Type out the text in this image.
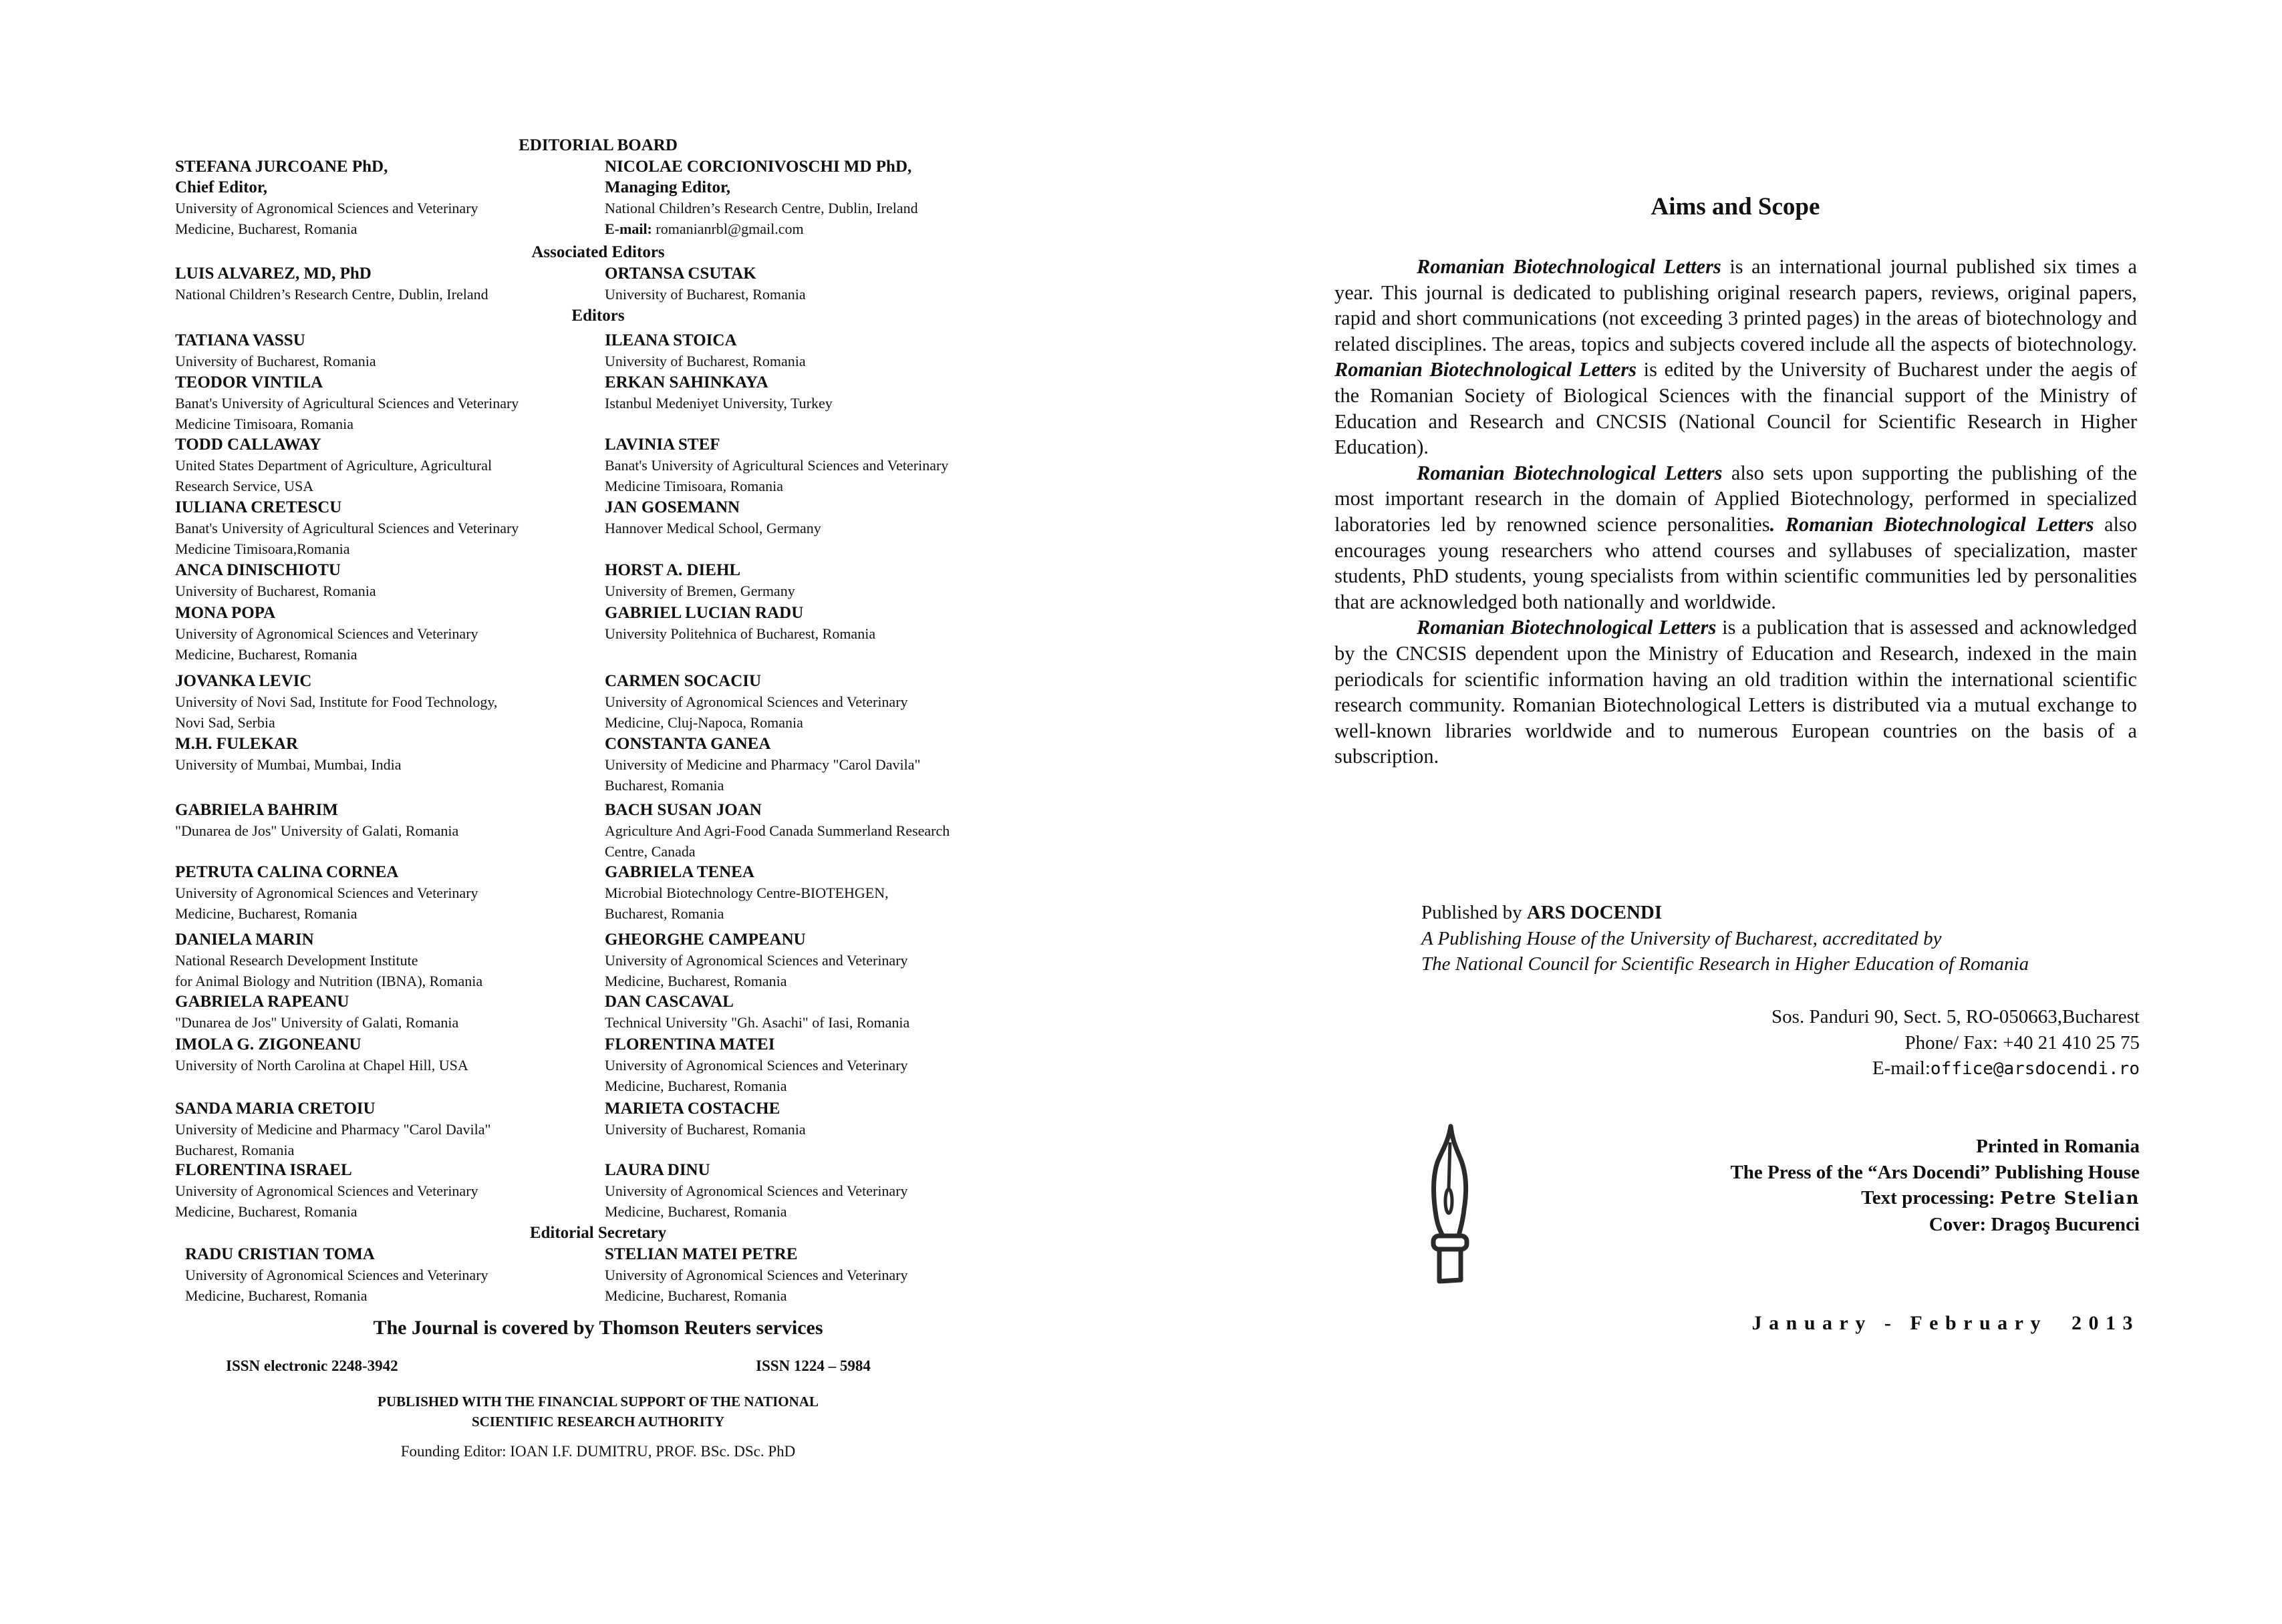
EDITORIAL BOARD
STEFANA JURCOANE PhD,
Chief Editor,
University of Agronomical Sciences and Veterinary
Medicine, Bucharest, Romania
NICOLAE CORCIONIVOSCHI MD PhD,
Managing Editor,
National Children’s Research Centre, Dublin, Ireland
E-mail: romanianrbl@gmail.com
Associated Editors
LUIS ALVAREZ, MD, PhD
National Children’s Research Centre, Dublin, Ireland
ORTANSA CSUTAK
University of Bucharest, Romania
Editors
TATIANA VASSU
University of Bucharest, Romania
ILEANA STOICA
University of Bucharest, Romania
TEODOR VINTILA
Banat's University of Agricultural Sciences and Veterinary
Medicine Timisoara, Romania
ERKAN SAHINKAYA
Istanbul Medeniyet University, Turkey
TODD CALLAWAY
United States Department of Agriculture, Agricultural
Research Service, USA
LAVINIA STEF
Banat's University of Agricultural Sciences and Veterinary
Medicine Timisoara, Romania
IULIANA CRETESCU
Banat's University of Agricultural Sciences and Veterinary
Medicine Timisoara,Romania
JAN GOSEMANN
Hannover Medical School, Germany
ANCA DINISCHIOTU
University of Bucharest, Romania
HORST A. DIEHL
University of Bremen, Germany
MONA POPA
University of Agronomical Sciences and Veterinary
Medicine, Bucharest, Romania
GABRIEL LUCIAN RADU
University Politehnica of Bucharest, Romania
JOVANKA LEVIC
University of Novi Sad, Institute for Food Technology,
Novi Sad, Serbia
CARMEN SOCACIU
University of Agronomical Sciences and Veterinary
Medicine, Cluj-Napoca, Romania
M.H. FULEKAR
University of Mumbai, Mumbai, India
CONSTANTA GANEA
University of Medicine and Pharmacy "Carol Davila"
Bucharest, Romania
GABRIELA BAHRIM
"Dunarea de Jos" University of Galati, Romania
BACH SUSAN JOAN
Agriculture And Agri-Food Canada Summerland Research
Centre, Canada
PETRUTA CALINA CORNEA
University of Agronomical Sciences and Veterinary
Medicine, Bucharest, Romania
GABRIELA TENEA
Microbial Biotechnology Centre-BIOTEHGEN,
Bucharest, Romania
DANIELA MARIN
National Research Development Institute
for Animal Biology and Nutrition (IBNA), Romania
GHEORGHE CAMPEANU
University of Agronomical Sciences and Veterinary
Medicine, Bucharest, Romania
GABRIELA RAPEANU
"Dunarea de Jos" University of Galati, Romania
DAN CASCAVAL
Technical University "Gh. Asachi" of Iasi, Romania
IMOLA G. ZIGONEANU
University of North Carolina at Chapel Hill, USA
FLORENTINA MATEI
University of Agronomical Sciences and Veterinary
Medicine, Bucharest, Romania
SANDA MARIA CRETOIU
University of Medicine and Pharmacy "Carol Davila"
Bucharest, Romania
MARIETA COSTACHE
University of Bucharest, Romania
FLORENTINA ISRAEL
University of Agronomical Sciences and Veterinary
Medicine, Bucharest, Romania
LAURA DINU
University of Agronomical Sciences and Veterinary
Medicine, Bucharest, Romania
Editorial Secretary
RADU CRISTIAN TOMA
University of Agronomical Sciences and Veterinary
Medicine, Bucharest, Romania
STELIAN MATEI PETRE
University of Agronomical Sciences and Veterinary
Medicine, Bucharest, Romania
The Journal is covered by Thomson Reuters services
ISSN electronic 2248-3942	ISSN 1224 – 5984
PUBLISHED WITH THE FINANCIAL SUPPORT OF THE NATIONAL
SCIENTIFIC RESEARCH AUTHORITY
Founding Editor: IOAN I.F. DUMITRU, PROF. BSc. DSc. PhD
Aims and Scope

Romanian Biotechnological Letters is an international journal published six times a year. This journal is dedicated to publishing original research papers, reviews, original papers, rapid and short communications (not exceeding 3 printed pages) in the areas of biotechnology and related disciplines. The areas, topics and subjects covered include all the aspects of biotechnology. Romanian Biotechnological Letters is edited by the University of Bucharest under the aegis of the Romanian Society of Biological Sciences with the financial support of the Ministry of Education and Research and CNCSIS (National Council for Scientific Research in Higher Education).

Romanian Biotechnological Letters also sets upon supporting the publishing of the most important research in the domain of Applied Biotechnology, performed in specialized laboratories led by renowned science personalities. Romanian Biotechnological Letters also encourages young researchers who attend courses and syllabuses of specialization, master students, PhD students, young specialists from within scientific communities led by personalities that are acknowledged both nationally and worldwide.

Romanian Biotechnological Letters is a publication that is assessed and acknowledged by the CNCSIS dependent upon the Ministry of Education and Research, indexed in the main periodicals for scientific information having an old tradition within the international scientific research community. Romanian Biotechnological Letters is distributed via a mutual exchange to well-known libraries worldwide and to numerous European countries on the basis of a subscription.

Published by ARS DOCENDI
A Publishing House of the University of Bucharest, accreditated by
The National Council for Scientific Research in Higher Education of Romania
Sos. Panduri 90, Sect. 5, RO-050663,Bucharest
Phone/ Fax: +40 21 410 25 75
E-mail:office@arsdocendi.ro
Printed in Romania
The Press of the “Ars Docendi” Publishing House
Text processing: Petre Stelian
Cover: Dragoş Bucurenci
January - February  2013
